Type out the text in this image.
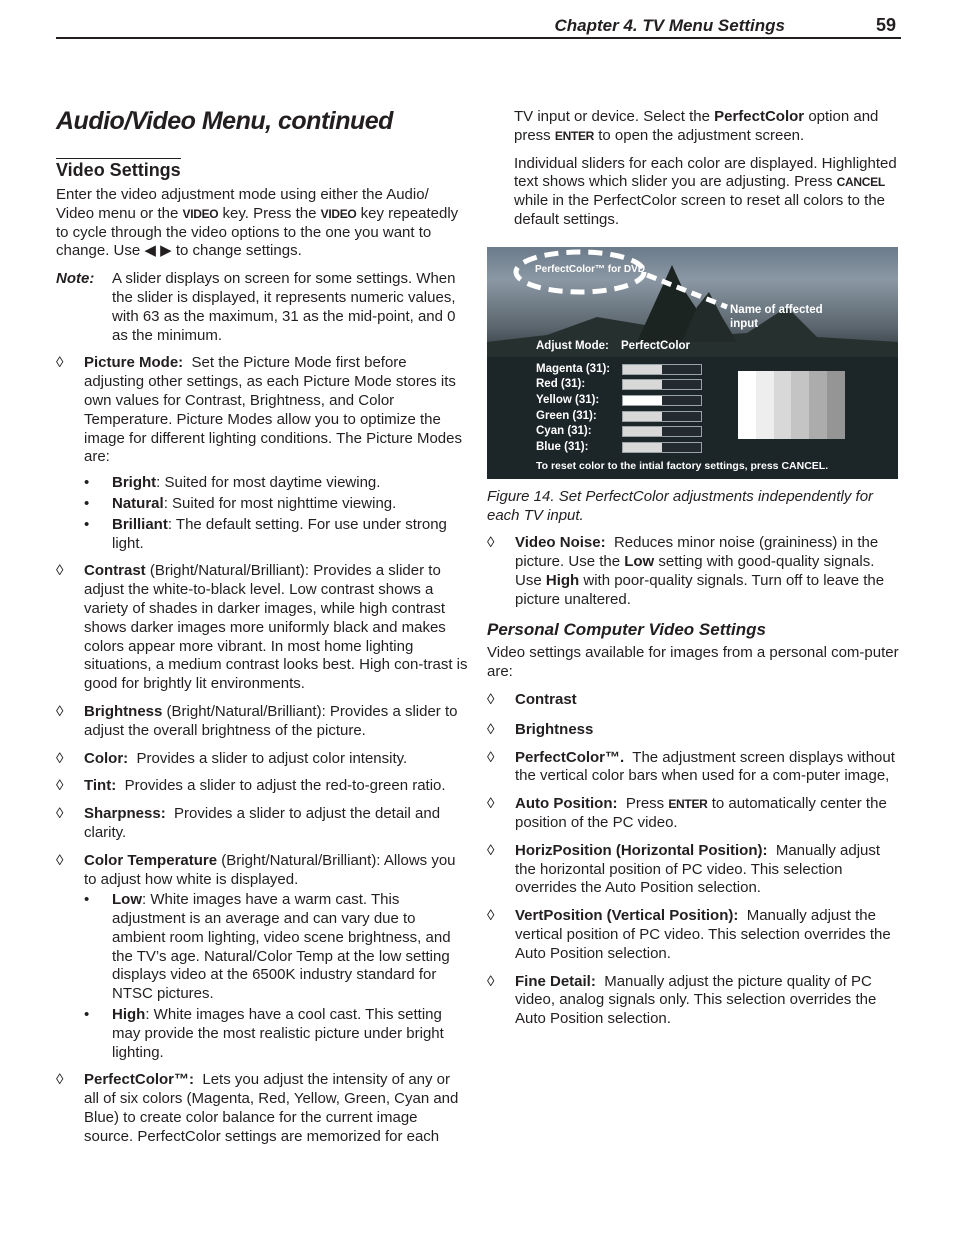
Chapter 4. TV Menu Settings	59
Audio/Video Menu, continued
Video Settings

Enter the video adjustment mode using either the Audio/ Video menu or the VIDEO key. Press the VIDEO key repeatedly to cycle through the video options to the one you want to change. Use ◀ ▶ to change settings.

Note:	A slider displays on screen for some settings. When the slider is displayed, it represents numeric values, with 63 as the maximum, 31 as the mid-point, and 0 as the minimum.
◊	Picture Mode: Set the Picture Mode first before adjusting other settings, as each Picture Mode stores its own values for Contrast, Brightness, and Color Temperature. Picture Modes allow you to optimize the image for different lighting conditions. The Picture Modes are:
•	Bright: Suited for most daytime viewing.
•	Natural: Suited for most nighttime viewing.
•	Brilliant: The default setting. For use under strong light.
◊	Contrast (Bright/Natural/Brilliant): Provides a slider to adjust the white-to-black level. Low contrast shows a variety of shades in darker images, while high contrast shows darker images more uniformly black and makes colors appear more vibrant. In most home lighting situations, a medium contrast looks best. High con-trast is good for brightly lit environments.
◊	Brightness (Bright/Natural/Brilliant): Provides a slider to adjust the overall brightness of the picture.
◊	Color: Provides a slider to adjust color intensity.
◊	Tint: Provides a slider to adjust the red-to-green ratio.
◊	Sharpness: Provides a slider to adjust the detail and clarity.
◊	Color Temperature (Bright/Natural/Brilliant): Allows you to adjust how white is displayed.
•	Low: White images have a warm cast. This adjustment is an average and can vary due to ambient room lighting, video scene brightness, and the TV’s age. Natural/Color Temp at the low setting displays video at the 6500K industry standard for NTSC pictures.
•	High: White images have a cool cast. This setting may provide the most realistic picture under bright lighting.
◊	PerfectColor™: Lets you adjust the intensity of any or all of six colors (Magenta, Red, Yellow, Green, Cyan and Blue) to create color balance for the current image source. PerfectColor settings are memorized for each

TV input or device. Select the PerfectColor option and press ENTER to open the adjustment screen.

Individual sliders for each color are displayed. Highlighted text shows which slider you are adjusting. Press CANCEL while in the PerfectColor screen to reset all colors to the default settings.

PerfectColor™ for DVD
Name of affected input
Adjust Mode: PerfectColor
Magenta (31):
Red (31):
Yellow (31):
Green (31):
Cyan (31):
Blue (31):
To reset color to the intial factory settings, press CANCEL.

Figure 14. Set PerfectColor adjustments independently for each TV input.

◊	Video Noise: Reduces minor noise (graininess) in the picture. Use the Low setting with good-quality signals. Use High with poor-quality signals. Turn off to leave the picture unaltered.
Personal Computer Video Settings

Video settings available for images from a personal com-puter are:

◊	Contrast
◊	Brightness
◊	PerfectColor™. The adjustment screen displays without the vertical color bars when used for a com-puter image,
◊	Auto Position: Press ENTER to automatically center the position of the PC video.
◊	HorizPosition (Horizontal Position): Manually adjust the horizontal position of PC video. This selection overrides the Auto Position selection.
◊	VertPosition (Vertical Position): Manually adjust the vertical position of PC video. This selection overrides the Auto Position selection.
◊	Fine Detail: Manually adjust the picture quality of PC video, analog signals only. This selection overrides the Auto Position selection.
